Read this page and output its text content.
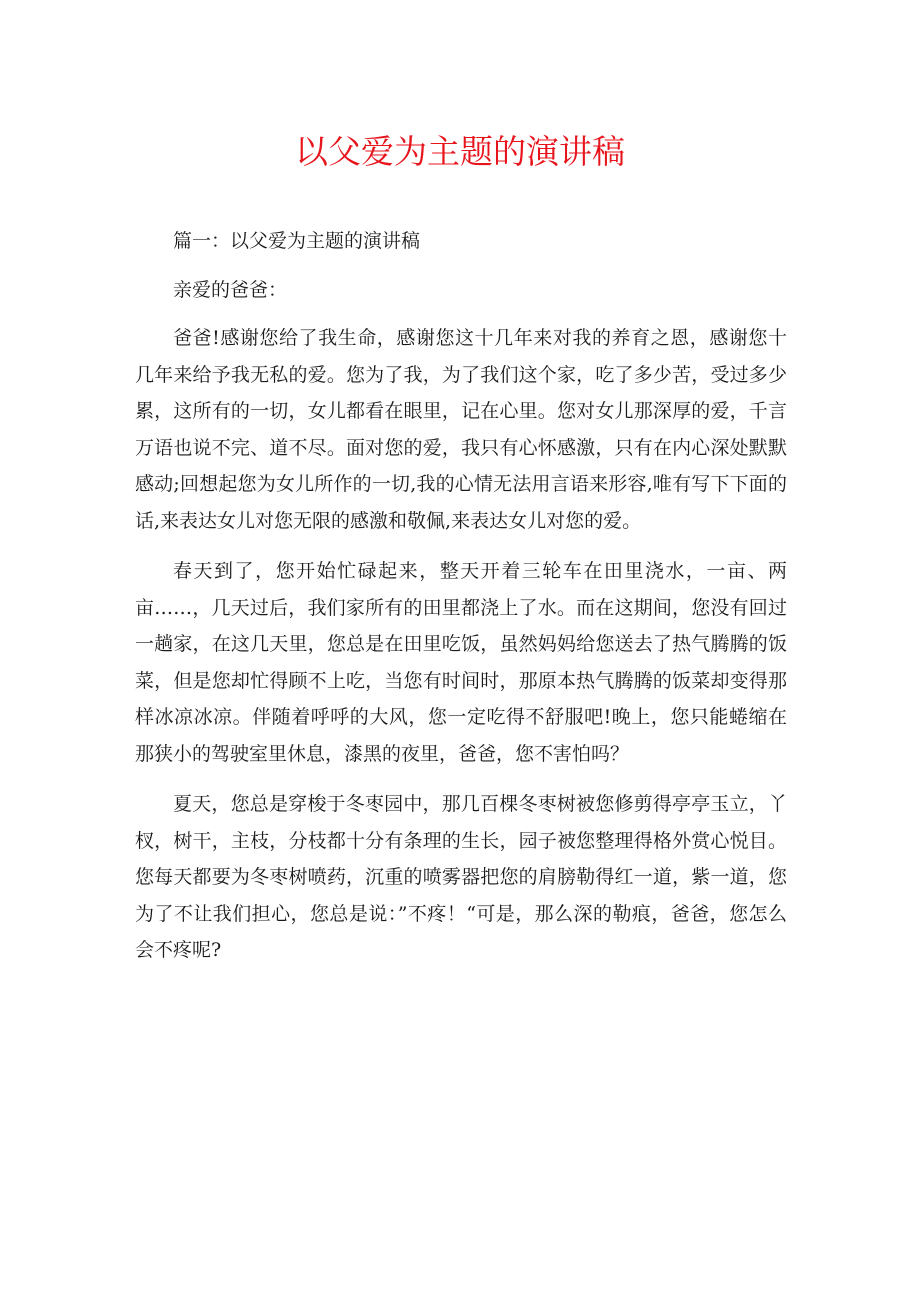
以父爱为主题的演讲稿

篇一：以父爱为主题的演讲稿

亲爱的爸爸：

爸爸!感谢您给了我生命，感谢您这十几年来对我的养育之恩，感谢您十几年来给予我无私的爱。您为了我，为了我们这个家，吃了多少苦，受过多少累，这所有的一切，女儿都看在眼里，记在心里。您对女儿那深厚的爱，千言万语也说不完、道不尽。面对您的爱，我只有心怀感激，只有在内心深处默默感动;回想起您为女儿所作的一切,我的心情无法用言语来形容,唯有写下下面的话,来表达女儿对您无限的感激和敬佩,来表达女儿对您的爱。

春天到了，您开始忙碌起来，整天开着三轮车在田里浇水，一亩、两亩……，几天过后，我们家所有的田里都浇上了水。而在这期间，您没有回过一趟家，在这几天里，您总是在田里吃饭，虽然妈妈给您送去了热气腾腾的饭菜，但是您却忙得顾不上吃，当您有时间时，那原本热气腾腾的饭菜却变得那样冰凉冰凉。伴随着呼呼的大风，您一定吃得不舒服吧!晚上，您只能蜷缩在那狭小的驾驶室里休息，漆黑的夜里，爸爸，您不害怕吗？

夏天，您总是穿梭于冬枣园中，那几百棵冬枣树被您修剪得亭亭玉立，丫杈，树干，主枝，分枝都十分有条理的生长，园子被您整理得格外赏心悦目。您每天都要为冬枣树喷药，沉重的喷雾器把您的肩膀勒得红一道，紫一道，您为了不让我们担心，您总是说：”不疼！“可是，那么深的勒痕，爸爸，您怎么会不疼呢?
